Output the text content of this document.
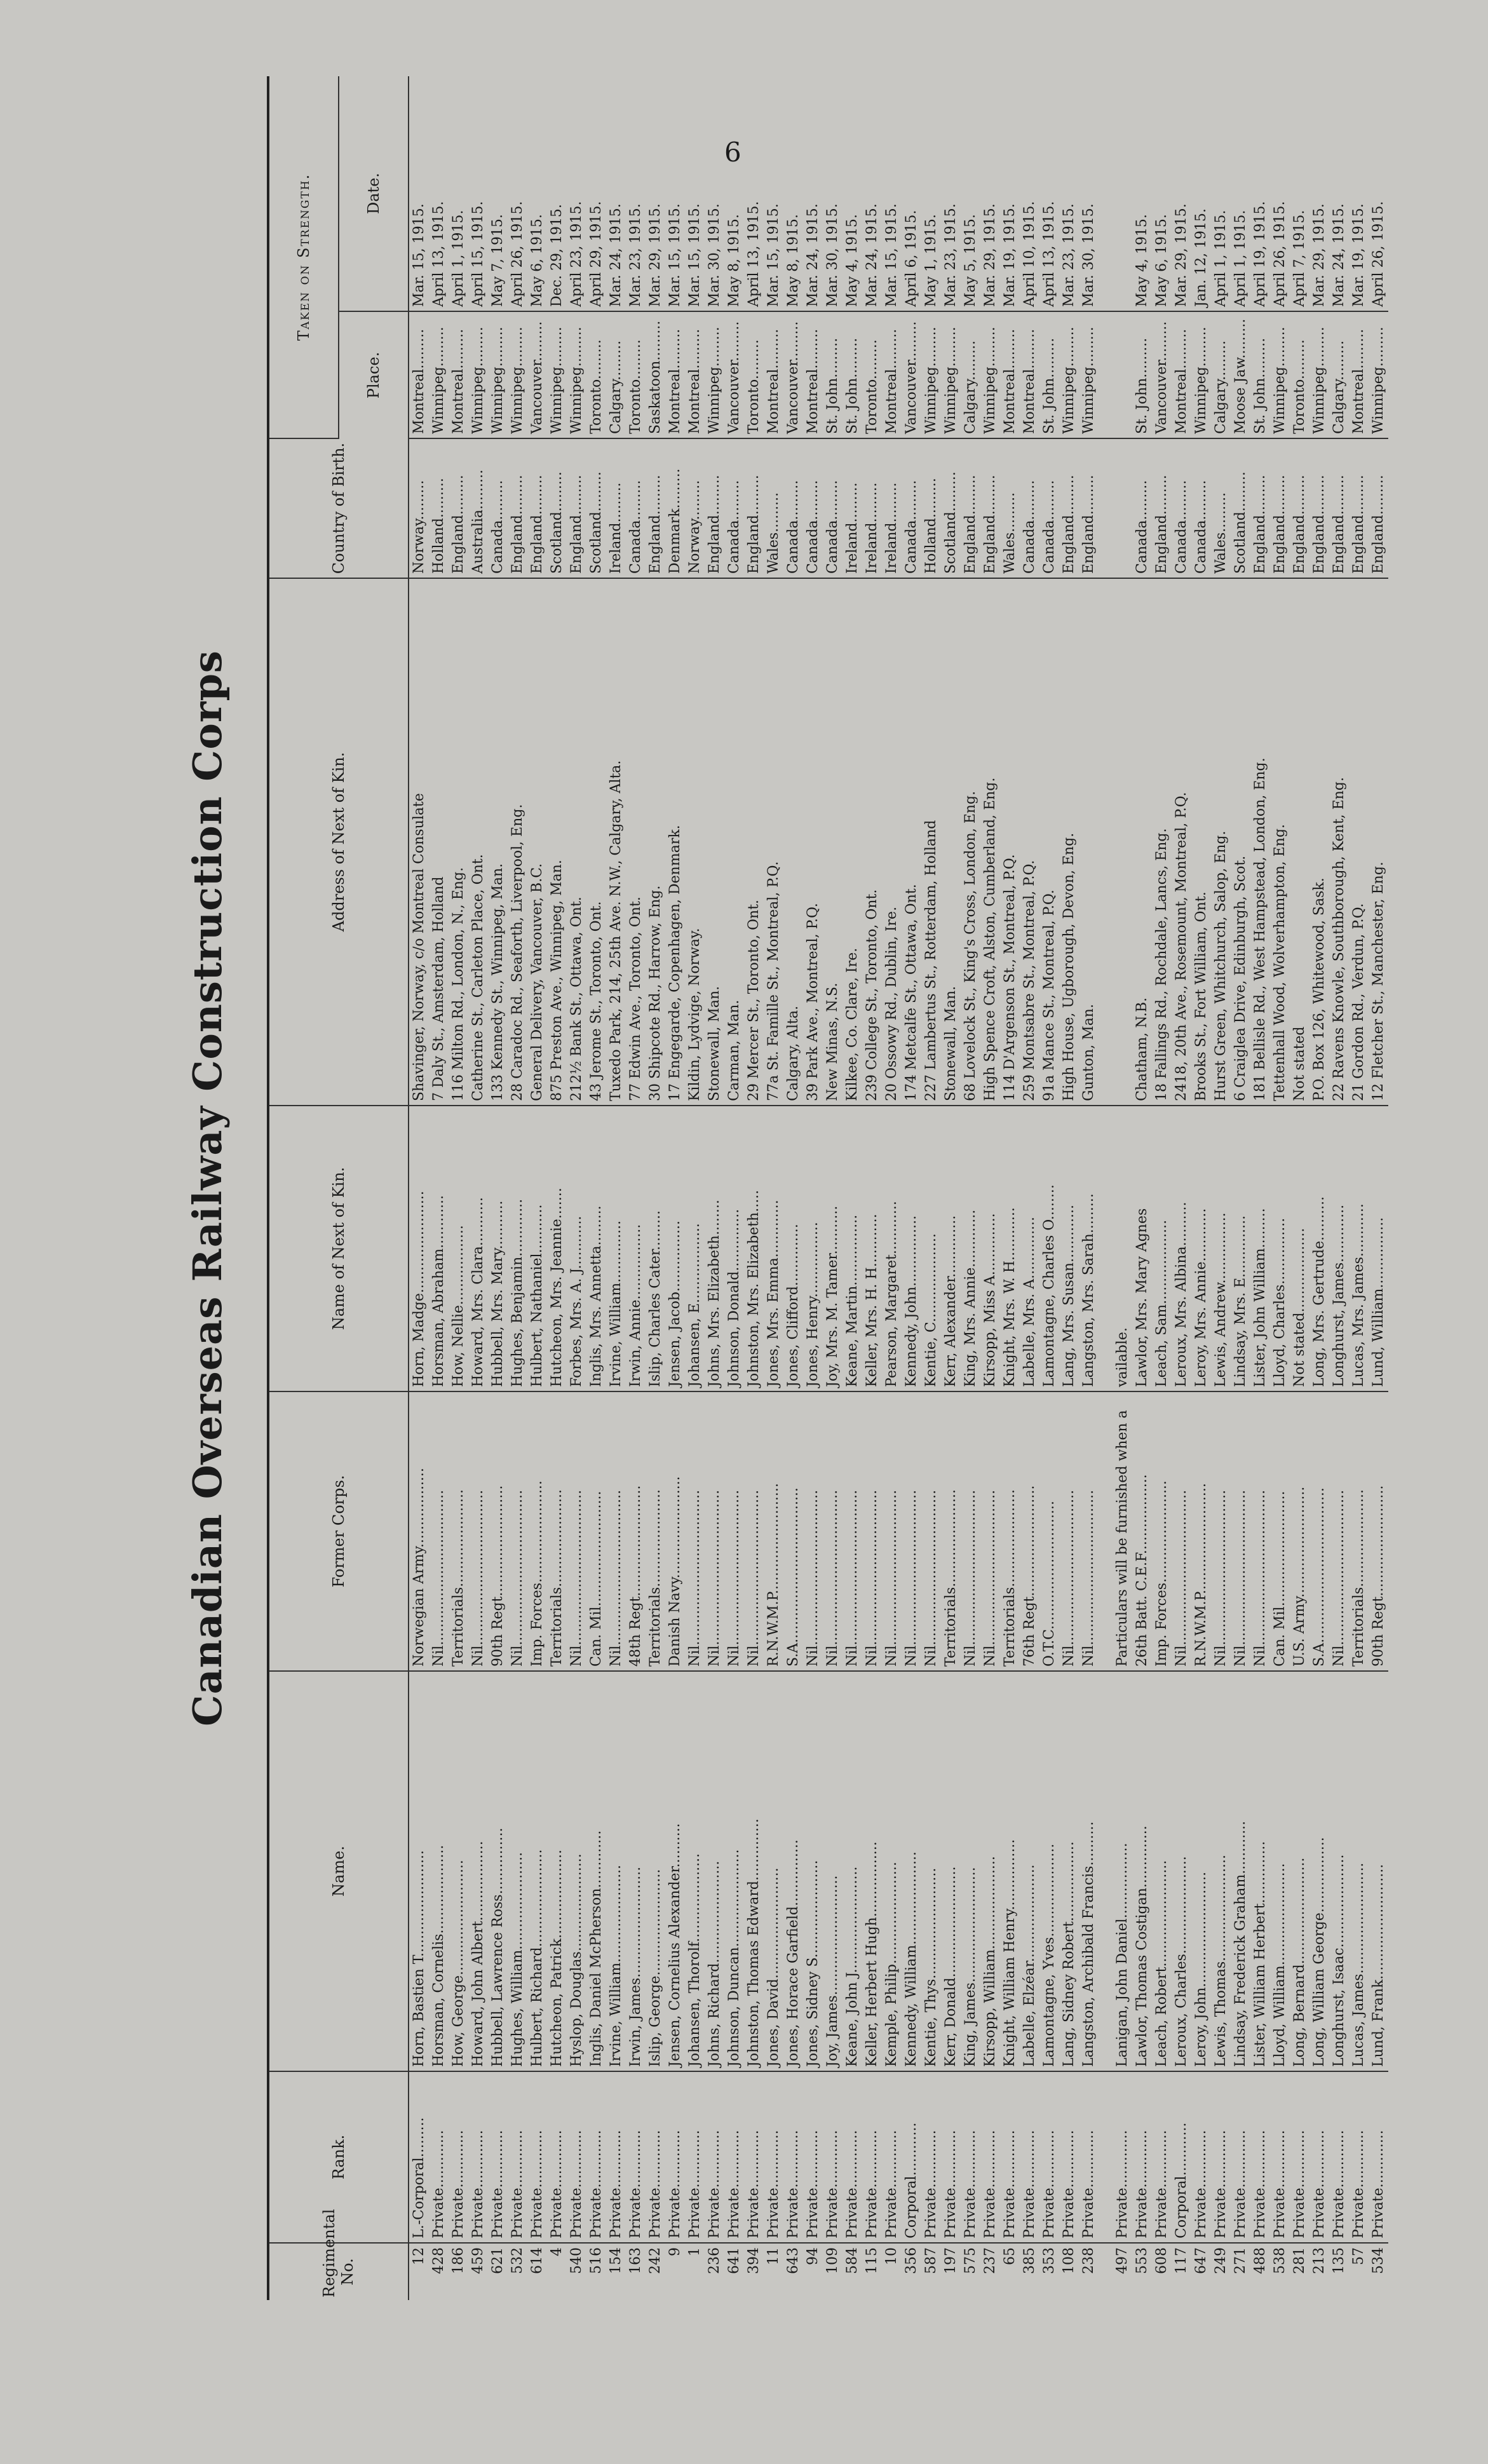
6
Canadian Overseas Railway Construction Corps
Regimental No.	Rank.	Name.	Former Corps.	Name of Next of Kin.	Address of Next of Kin.	Country of Birth.	Taken on Strength.	
							Place.	Date.
12	L.-Corporal.........	Horn, Bastien T........................	Norwegian Army..................	Horn, Madge.......................	Shavinger, Norway, c/o Montreal Consulate	Norway.........	Montreal.........	Mar. 15, 1915.
428	Private.............	Horsman, Cornelis....................	Nil...................................	Horsman, Abraham............	7 Daly St., Amsterdam, Holland	Holland.........	Winnipeg.........	April 13, 1915.
186	Private.............	How, George..........................	Territorials......................	How, Nellie..................	116 Milton Rd., London, N., Eng.	England.........	Montreal.........	April 1, 1915.
459	Private.............	Howard, John Albert..................	Nil...................................	Howard, Mrs. Clara...........	Catherine St., Carleton Place, Ont.	Australia.........	Winnipeg.........	April 15, 1915.
621	Private.............	Hubbell, Lawrence Ross...............	90th Regt.........................	Hubbell, Mrs. Mary...........	133 Kennedy St., Winnipeg, Man.	Canada.........	Winnipeg.........	May 7, 1915.
532	Private.............	Hughes, William......................	Nil...................................	Hughes, Benjamin.............	28 Caradoc Rd., Seaforth, Liverpool, Eng.	England.........	Winnipeg.........	April 26, 1915.
614	Private.............	Hulbert, Richard......................	Imp. Forces.......................	Hulbert, Nathaniel...........	General Delivery, Vancouver, B.C.	England.........	Vancouver.........	May 6, 1915.
4	Private.............	Hutcheon, Patrick....................	Territorials......................	Hutcheon, Mrs. Jeannie.......	875 Preston Ave., Winnipeg, Man.	Scotland.........	Winnipeg.........	Dec. 29, 1915.
540	Private.............	Hyslop, Douglas......................	Nil...................................	Forbes, Mrs. A. J............	212½ Bank St., Ottawa, Ont.	England.........	Winnipeg.........	April 23, 1915.
516	Private.............	Inglis, Daniel McPherson.............	Can. Mil..........................	Inglis, Mrs. Annetta.........	43 Jerome St., Toronto, Ont.	Scotland.........	Toronto.........	April 29, 1915.
154	Private.............	Irvine, William......................	Nil...................................	Irvine, William..............	Tuxedo Park, 214, 25th Ave. N.W., Calgary, Alta.	Ireland.........	Calgary.........	Mar. 24, 1915.
163	Private.............	Irwin, James.........................	48th Regt.........................	Irwin, Annie.................	77 Edwin Ave., Toronto, Ont.	Canada.........	Toronto.........	Mar. 23, 1915.
242	Private.............	Islip, George........................	Territorials......................	Islip, Charles Cater.........	30 Shipcote Rd., Harrow, Eng.	England.........	Saskatoon.........	Mar. 29, 1915.
9	Private.............	Jensen, Cornelius Alexander..........	Danish Navy.......................	Jensen, Jacob................	17 Engegarde, Copenhagen, Denmark.	Denmark.........	Montreal.........	Mar. 15, 1915.
1	Private.............	Johansen, Thorolf....................	Nil...................................	Johansen, E..................	Kildin, Lydvige, Norway.	Norway.........	Montreal.........	Mar. 15, 1915.
236	Private.............	Johns, Richard.......................	Nil...................................	Johns, Mrs. Elizabeth........	Stonewall, Man.	England.........	Winnipeg.........	Mar. 30, 1915.
641	Private.............	Johnson, Duncan......................	Nil...................................	Johnson, Donald..............	Carman, Man.	Canada.........	Vancouver.........	May 8, 1915.
394	Private.............	Johnston, Thomas Edward..............	Nil...................................	Johnston, Mrs. Elizabeth.....	29 Mercer St., Toronto, Ont.	England.........	Toronto.........	April 13, 1915.
11	Private.............	Jones, David.........................	R.N.W.M.P.........................	Jones, Mrs. Emma.............	77a St. Famille St., Montreal, P.Q.	Wales.........	Montreal.........	Mar. 15, 1915.
643	Private.............	Jones, Horace Garfield...............	S.A...................................	Jones, Clifford..............	Calgary, Alta.	Canada.........	Vancouver.........	May 8, 1915.
94	Private.............	Jones, Sidney S......................	Nil...................................	Jones, Henry.................	39 Park Ave., Montreal, P.Q.	Canada.........	Montreal.........	Mar. 24, 1915.
109	Private.............	Joy, James...........................	Nil...................................	Joy, Mrs. M. Tamer...........	New Minas, N.S.	Canada.........	St. John.........	Mar. 30, 1915.
584	Private.............	Keane, John J........................	Nil...................................	Keane, Martin................	Kilkee, Co. Clare, Ire.	Ireland.........	St. John.........	May 4, 1915.
115	Private.............	Keller, Herbert Hugh.................	Nil...................................	Keller, Mrs. H. H............	239 College St., Toronto, Ont.	Ireland.........	Toronto.........	Mar. 24, 1915.
10	Private.............	Kemple, Philip.......................	Nil...................................	Pearson, Margaret............	20 Ossowy Rd., Dublin, Ire.	Ireland.........	Montreal.........	Mar. 15, 1915.
356	Corporal............	Kennedy, William.....................	Nil...................................	Kennedy, John................	174 Metcalfe St., Ottawa, Ont.	Canada.........	Vancouver.........	April 6, 1915.
587	Private.............	Kentie, Thys.........................	Nil...................................	Kentie, C....................	227 Lambertus St., Rotterdam, Holland	Holland.........	Winnipeg.........	May 1, 1915.
197	Private.............	Kerr, Donald.........................	Territorials......................	Kerr, Alexander..............	Stonewall, Man.	Scotland.........	Winnipeg.........	Mar. 23, 1915.
575	Private.............	King, James..........................	Nil...................................	King, Mrs. Annie.............	68 Lovelock St., King's Cross, London, Eng.	England.........	Calgary.........	May 5, 1915.
237	Private.............	Kirsopp, William.....................	Nil...................................	Kirsopp, Miss A..............	High Spence Croft, Alston, Cumberland, Eng.	England.........	Winnipeg.........	Mar. 29, 1915.
65	Private.............	Knight, William Henry................	Territorials......................	Knight, Mrs. W. H............	114 D'Argenson St., Montreal, P.Q.	Wales.........	Montreal.........	Mar. 19, 1915.
385	Private.............	Labelle, Elzéar......................	76th Regt.........................	Labelle, Mrs. A..............	259 Montsabre St., Montreal, P.Q.	Canada.........	Montreal.........	April 10, 1915.
353	Private.............	Lamontagne, Yves.....................	O.T.C.............................	Lamontagne, Charles O........	91a Mance St., Montreal, P.Q.	Canada.........	St. John.........	April 13, 1915.
108	Private.............	Lang, Sidney Robert..................	Nil...................................	Lang, Mrs. Susan.............	High House, Ugborough, Devon, Eng.	England.........	Winnipeg.........	Mar. 23, 1915.
238	Private.............	Langston, Archibald Francis..........	Nil...................................	Langston, Mrs. Sarah.........	Gunton, Man.	England.........	Winnipeg.........	Mar. 30, 1915.

497	Private.............	Lanigan, John Daniel.................	Particulars will be furnished when a	vailable.				
553	Private.............	Lawlor, Thomas Costigan..............	26th Batt. C.E.F..................	Lawlor, Mrs. Mary Agnes	Chatham, N.B.	Canada.........	St. John.........	May 4, 1915.
608	Private.............	Leach, Robert........................	Imp. Forces.......................	Leach, Sam...................	18 Fallings Rd., Rochdale, Lancs, Eng.	England.........	Vancouver.........	May 6, 1915.
117	Corporal............	Leroux, Charles......................	Nil...................................	Leroux, Mrs. Albina..........	2418, 20th Ave., Rosemount, Montreal, P.Q.	Canada.........	Montreal.........	Mar. 29, 1915.
647	Private.............	Leroy, John..........................	R.N.W.M.P.........................	Leroy, Mrs. Annie............	Brooks St., Fort William, Ont.	Canada.........	Winnipeg.........	Jan. 12, 1915.
249	Private.............	Lewis, Thomas........................	Nil...................................	Lewis, Andrew................	Hurst Green, Whitchurch, Salop, Eng.	Wales.........	Calgary.........	April 1, 1915.
271	Private.............	Lindsay, Frederick Graham............	Nil...................................	Lindsay, Mrs. E..............	6 Craiglea Drive, Edinburgh, Scot.	Scotland.........	Moose Jaw.........	April 1, 1915.
488	Private.............	Lister, William Herbert..............	Nil...................................	Lister, John William.........	181 Bellisle Rd., West Hampstead, London, Eng.	England.........	St. John.........	April 19, 1915.
538	Private.............	Lloyd, William.......................	Can. Mil..........................	Lloyd, Charles...............	Tettenhall Wood, Wolverhampton, Eng.	England.........	Winnipeg.........	April 26, 1915.
281	Private.............	Long, Bernard........................	U.S. Army.........................	Not stated...................	Not stated	England.........	Toronto.........	April 7, 1915.
213	Private.............	Long, William George.................	S.A...................................	Long, Mrs. Gertrude..........	P.O. Box 126, Whitewood, Sask.	England.........	Winnipeg.........	Mar. 29, 1915.
135	Private.............	Longhurst, Isaac.....................	Nil...................................	Longhurst, James.............	22 Ravens Knowle, Southborough, Kent, Eng.	England.........	Calgary.........	Mar. 24, 1915.
57	Private.............	Lucas, James.........................	Territorials......................	Lucas, Mrs. James............	21 Gordon Rd., Verdun, P.Q.	England.........	Montreal.........	Mar. 19, 1915.
534	Private.............	Lund, Frank..........................	90th Regt.........................	Lund, William................	12 Fletcher St., Manchester, Eng.	England.........	Winnipeg.........	April 26, 1915.
